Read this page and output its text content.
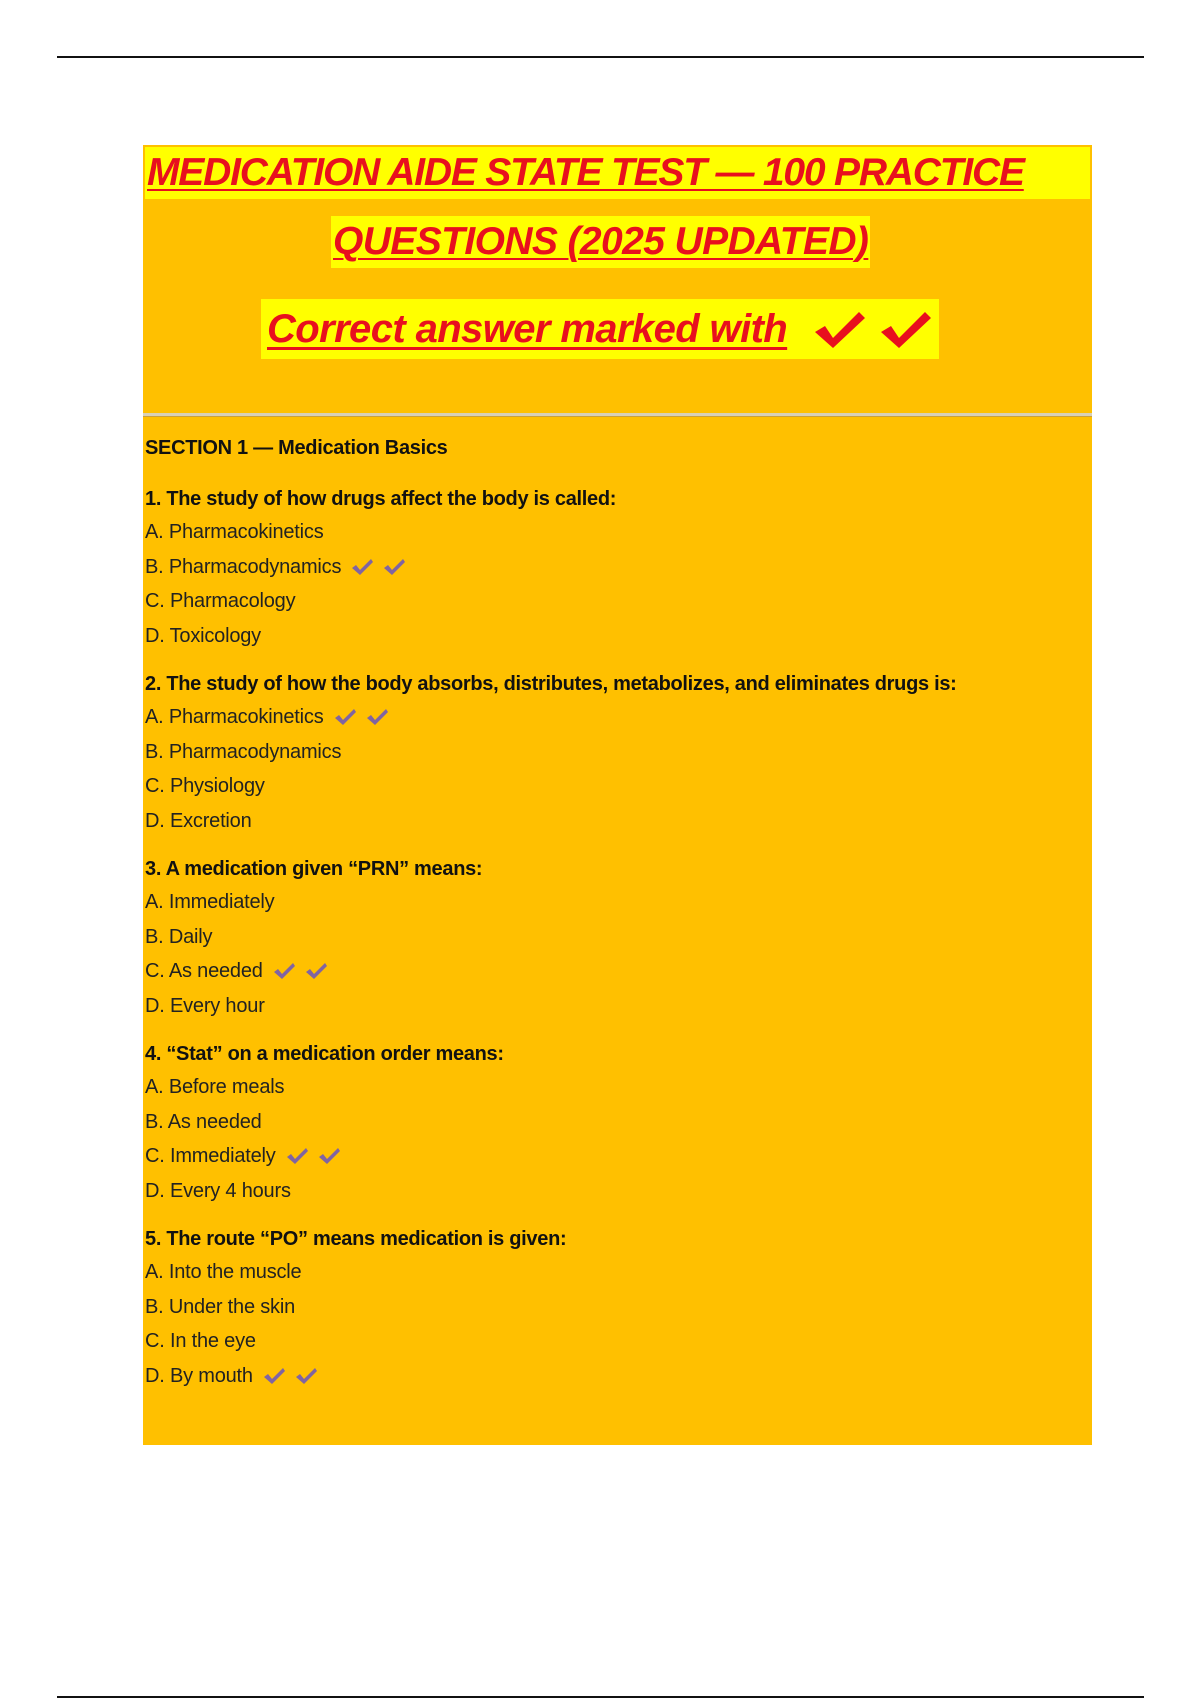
MEDICATION AIDE STATE TEST — 100 PRACTICE
QUESTIONS (2025 UPDATED)
Correct answer marked with
SECTION 1 — Medication Basics
1. The study of how drugs affect the body is called:
A. Pharmacokinetics
B. Pharmacodynamics
C. Pharmacology
D. Toxicology
2. The study of how the body absorbs, distributes, metabolizes, and eliminates drugs is:
A. Pharmacokinetics
B. Pharmacodynamics
C. Physiology
D. Excretion
3. A medication given “PRN” means:
A. Immediately
B. Daily
C. As needed
D. Every hour
4. “Stat” on a medication order means:
A. Before meals
B. As needed
C. Immediately
D. Every 4 hours
5. The route “PO” means medication is given:
A. Into the muscle
B. Under the skin
C. In the eye
D. By mouth
